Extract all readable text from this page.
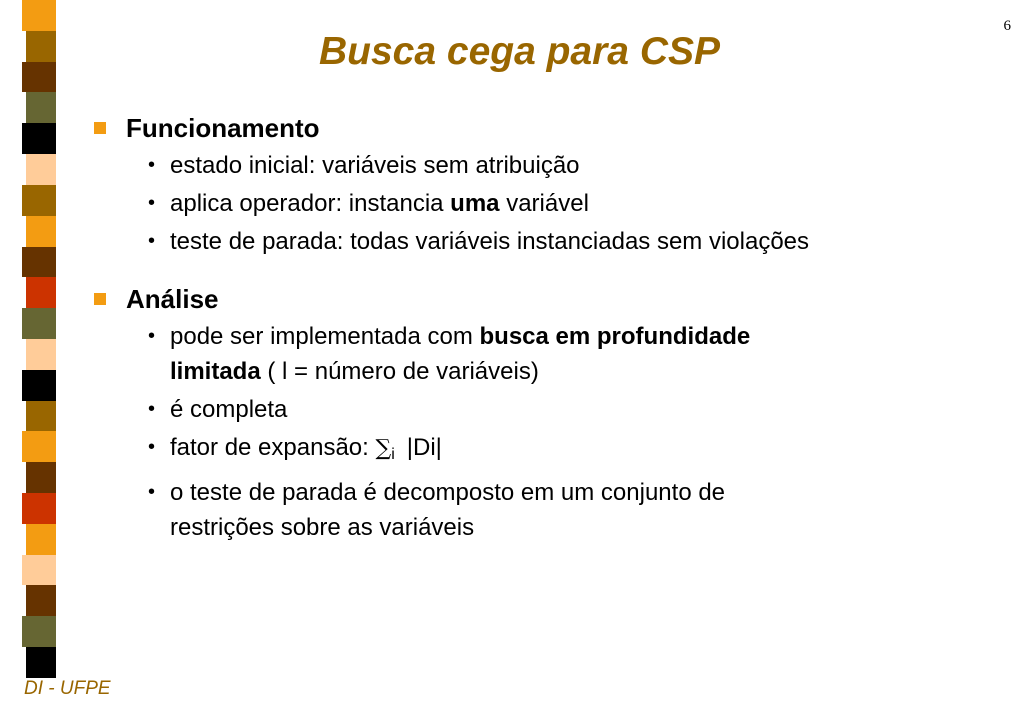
6
Busca cega para CSP
Funcionamento
• estado inicial: variáveis sem atribuição
• aplica operador: instancia uma variável
• teste de parada: todas variáveis instanciadas sem violações
Análise
• pode ser implementada com busca em profundidade
limitada ( l = número de variáveis)
• é completa
• fator de expansão: ∑i |Di|
• o teste de parada é decomposto em um conjunto de
restrições sobre as variáveis
DI - UFPE
